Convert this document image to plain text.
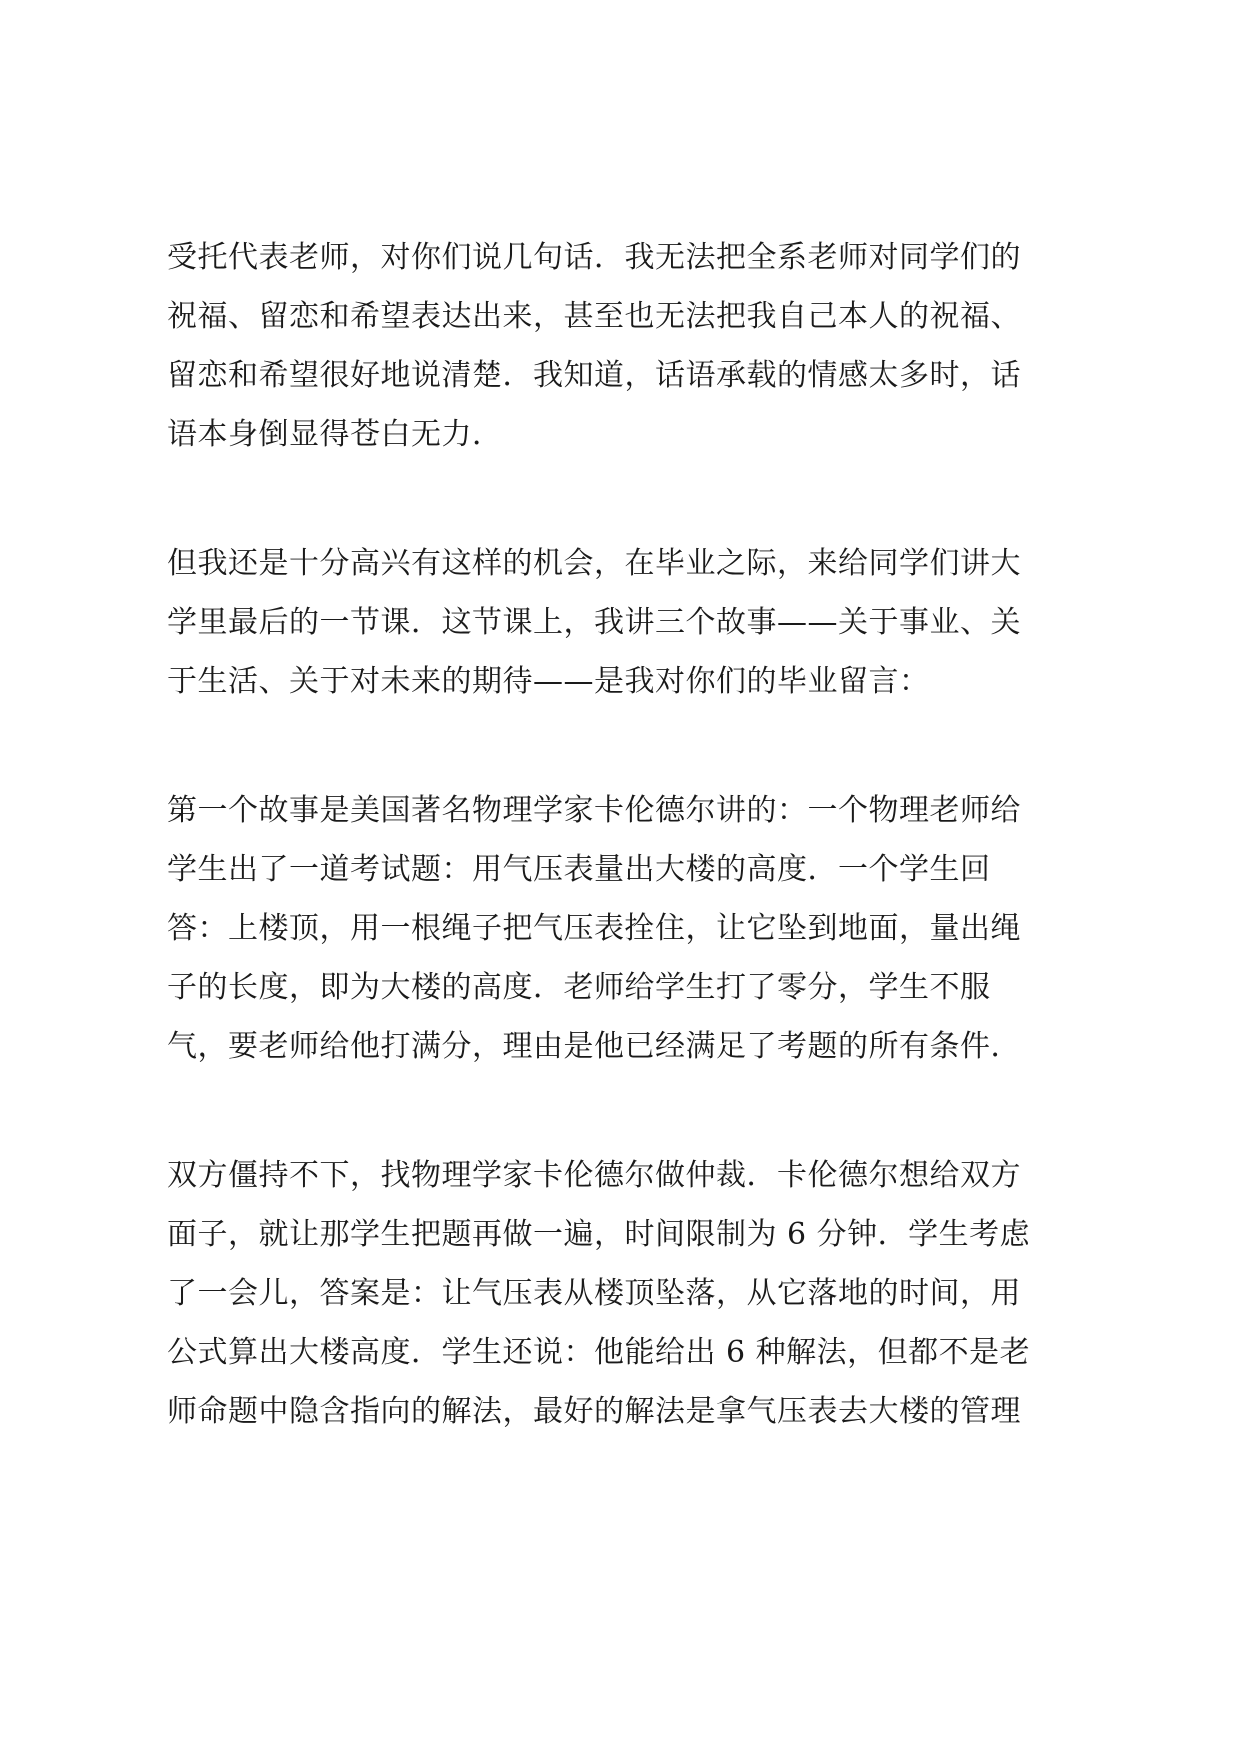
受托代表老师，对你们说几句话．我无法把全系老师对同学们的
祝福、留恋和希望表达出来，甚至也无法把我自己本人的祝福、
留恋和希望很好地说清楚．我知道，话语承载的情感太多时，话
语本身倒显得苍白无力．

但我还是十分高兴有这样的机会，在毕业之际，来给同学们讲大
学里最后的一节课．这节课上，我讲三个故事——关于事业、关
于生活、关于对未来的期待——是我对你们的毕业留言：

第一个故事是美国著名物理学家卡伦德尔讲的：一个物理老师给
学生出了一道考试题：用气压表量出大楼的高度．一个学生回
答：上楼顶，用一根绳子把气压表拴住，让它坠到地面，量出绳
子的长度，即为大楼的高度．老师给学生打了零分，学生不服
气，要老师给他打满分，理由是他已经满足了考题的所有条件．

双方僵持不下，找物理学家卡伦德尔做仲裁．卡伦德尔想给双方
面子，就让那学生把题再做一遍，时间限制为 6 分钟．学生考虑
了一会儿，答案是：让气压表从楼顶坠落，从它落地的时间，用
公式算出大楼高度．学生还说：他能给出 6 种解法，但都不是老
师命题中隐含指向的解法，最好的解法是拿气压表去大楼的管理
